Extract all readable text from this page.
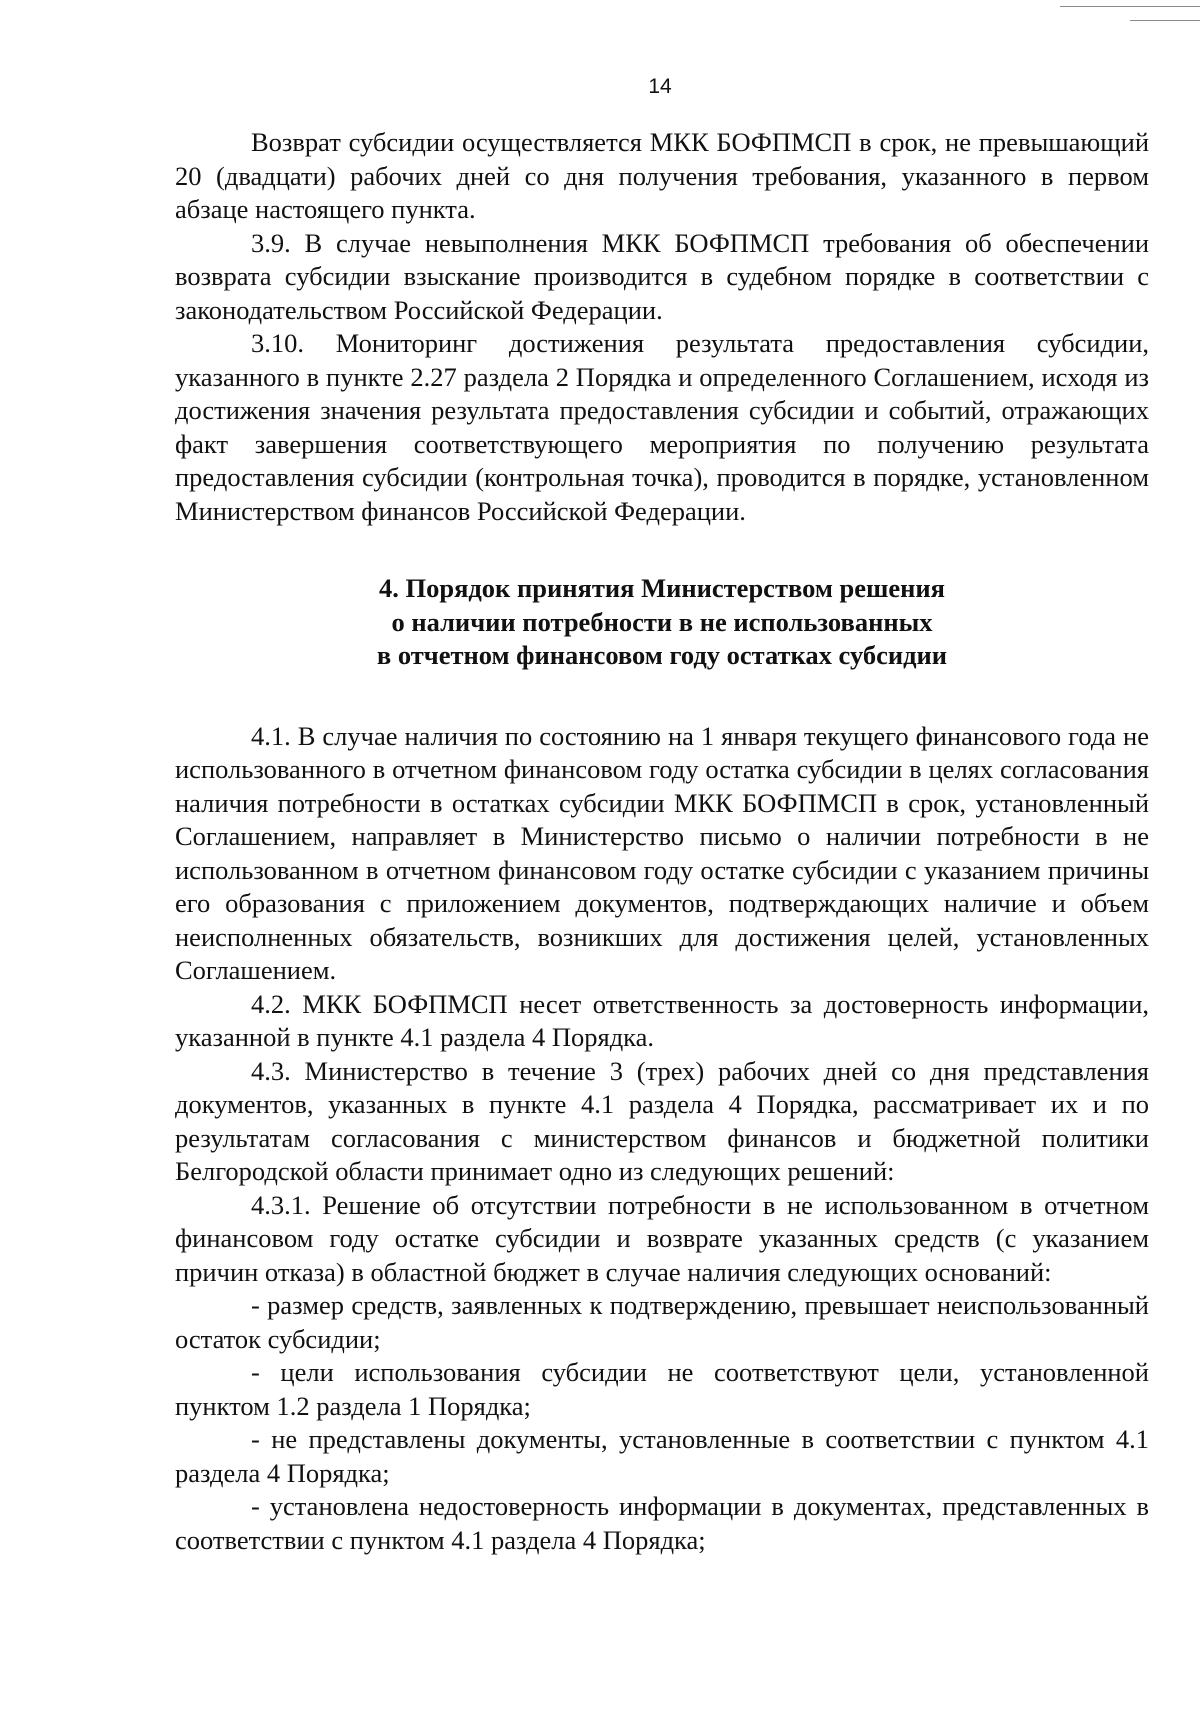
14

Возврат субсидии осуществляется МКК БОФПМСП в срок, не превышающий 20 (двадцати) рабочих дней со дня получения требования, указанного в первом абзаце настоящего пункта.

3.9. В случае невыполнения МКК БОФПМСП требования об обеспечении возврата субсидии взыскание производится в судебном порядке в соответствии с законодательством Российской Федерации.

3.10. Мониторинг достижения результата предоставления субсидии, указанного в пункте 2.27 раздела 2 Порядка и определенного Соглашением, исходя из достижения значения результата предоставления субсидии и событий, отражающих факт завершения соответствующего мероприятия по получению результата предоставления субсидии (контрольная точка), проводится в порядке, установленном Министерством финансов Российской Федерации.

4. Порядок принятия Министерством решения
о наличии потребности в не использованных
в отчетном финансовом году остатках субсидии

4.1. В случае наличия по состоянию на 1 января текущего финансового года не использованного в отчетном финансовом году остатка субсидии в целях согласования наличия потребности в остатках субсидии МКК БОФПМСП в срок, установленный Соглашением, направляет в Министерство письмо о наличии потребности в не использованном в отчетном финансовом году остатке субсидии с указанием причины его образования с приложением документов, подтверждающих наличие и объем неисполненных обязательств, возникших для достижения целей, установленных Соглашением.

4.2. МКК БОФПМСП несет ответственность за достоверность информации, указанной в пункте 4.1 раздела 4 Порядка.

4.3. Министерство в течение 3 (трех) рабочих дней со дня представления документов, указанных в пункте 4.1 раздела 4 Порядка, рассматривает их и по результатам согласования с министерством финансов и бюджетной политики Белгородской области принимает одно из следующих решений:

4.3.1. Решение об отсутствии потребности в не использованном в отчетном финансовом году остатке субсидии и возврате указанных средств (с указанием причин отказа) в областной бюджет в случае наличия следующих оснований:

- размер средств, заявленных к подтверждению, превышает неиспользованный остаток субсидии;

- цели использования субсидии не соответствуют цели, установленной пунктом 1.2 раздела 1 Порядка;

- не представлены документы, установленные в соответствии с пунктом 4.1 раздела 4 Порядка;

- установлена недостоверность информации в документах, представленных в соответствии с пунктом 4.1 раздела 4 Порядка;
